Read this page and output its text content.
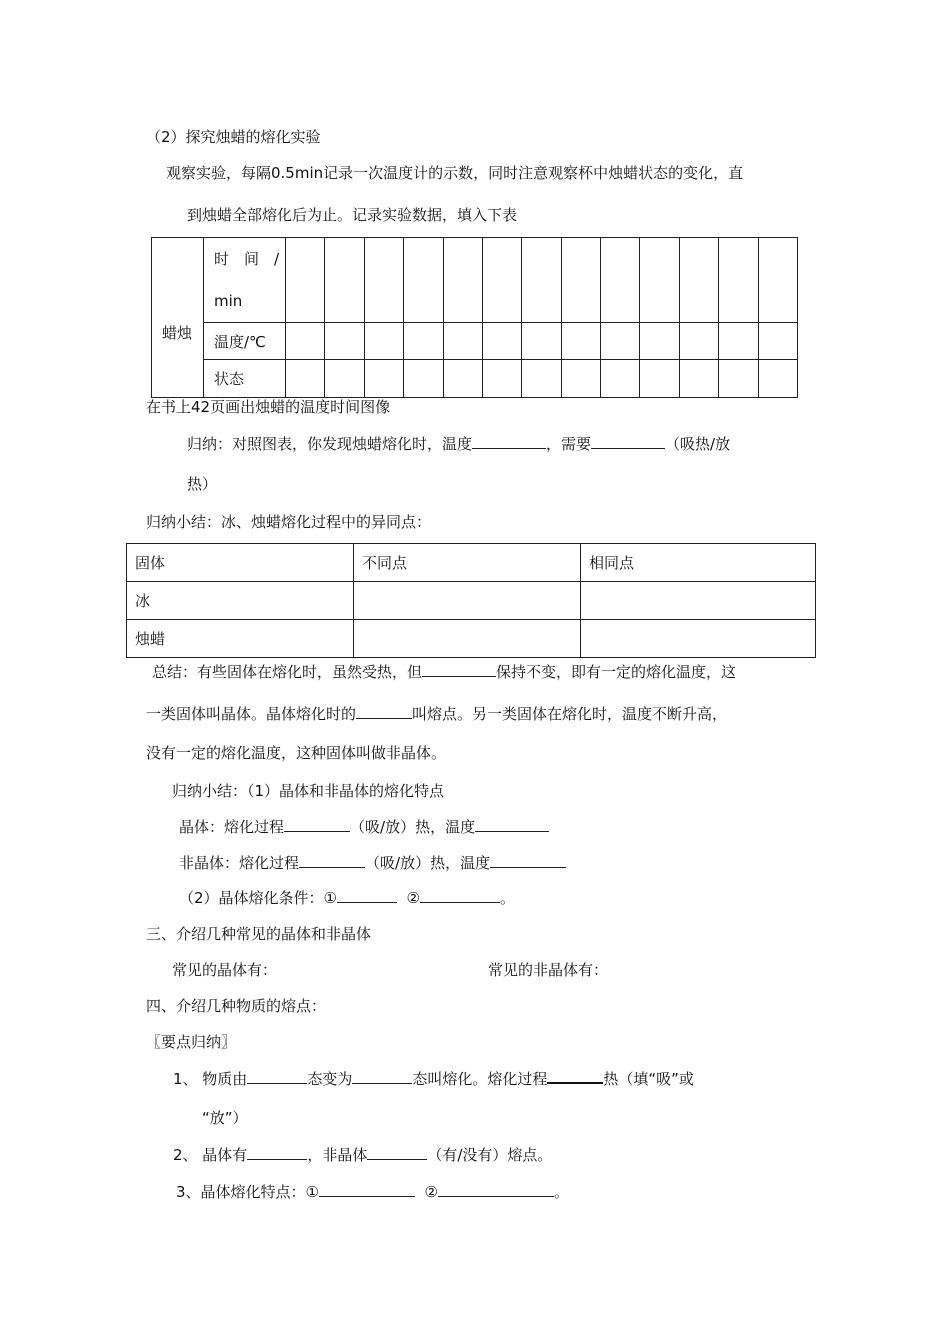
（2）探究烛蜡的熔化实验
观察实验，每隔0.5min记录一次温度计的示数，同时注意观察杯中烛蜡状态的变化，直
到烛蜡全部熔化后为止。记录实验数据，填入下表
蜡烛	时　间　/
min													

	温度/℃													
	状态													
在书上42页画出烛蜡的温度时间图像
归纳：对照图表，你发现烛蜡熔化时，温度	，需要	（吸热/放
热）
归纳小结：冰、烛蜡熔化过程中的异同点：
固体	不同点	相同点
冰		
烛蜡		
总结：有些固体在熔化时，虽然受热，但	保持不变，即有一定的熔化温度，这
一类固体叫晶体。晶体熔化时的	叫熔点。另一类固体在熔化时，温度不断升高，
没有一定的熔化温度，这种固体叫做非晶体。
归纳小结：（1）晶体和非晶体的熔化特点
晶体：熔化过程	（吸/放）热，温度
非晶体：熔化过程	（吸/放）热，温度
（2）晶体熔化条件：①	②	。
三、介绍几种常见的晶体和非晶体
常见的晶体有：	常见的非晶体有：
四、介绍几种物质的熔点：
〖要点归纳〗
1、 物质由	态变为	态叫熔化。熔化过程	热（填“吸”或
“放”）
2、 晶体有	，非晶体	（有/没有）熔点。
3、晶体熔化特点：①	②	。
